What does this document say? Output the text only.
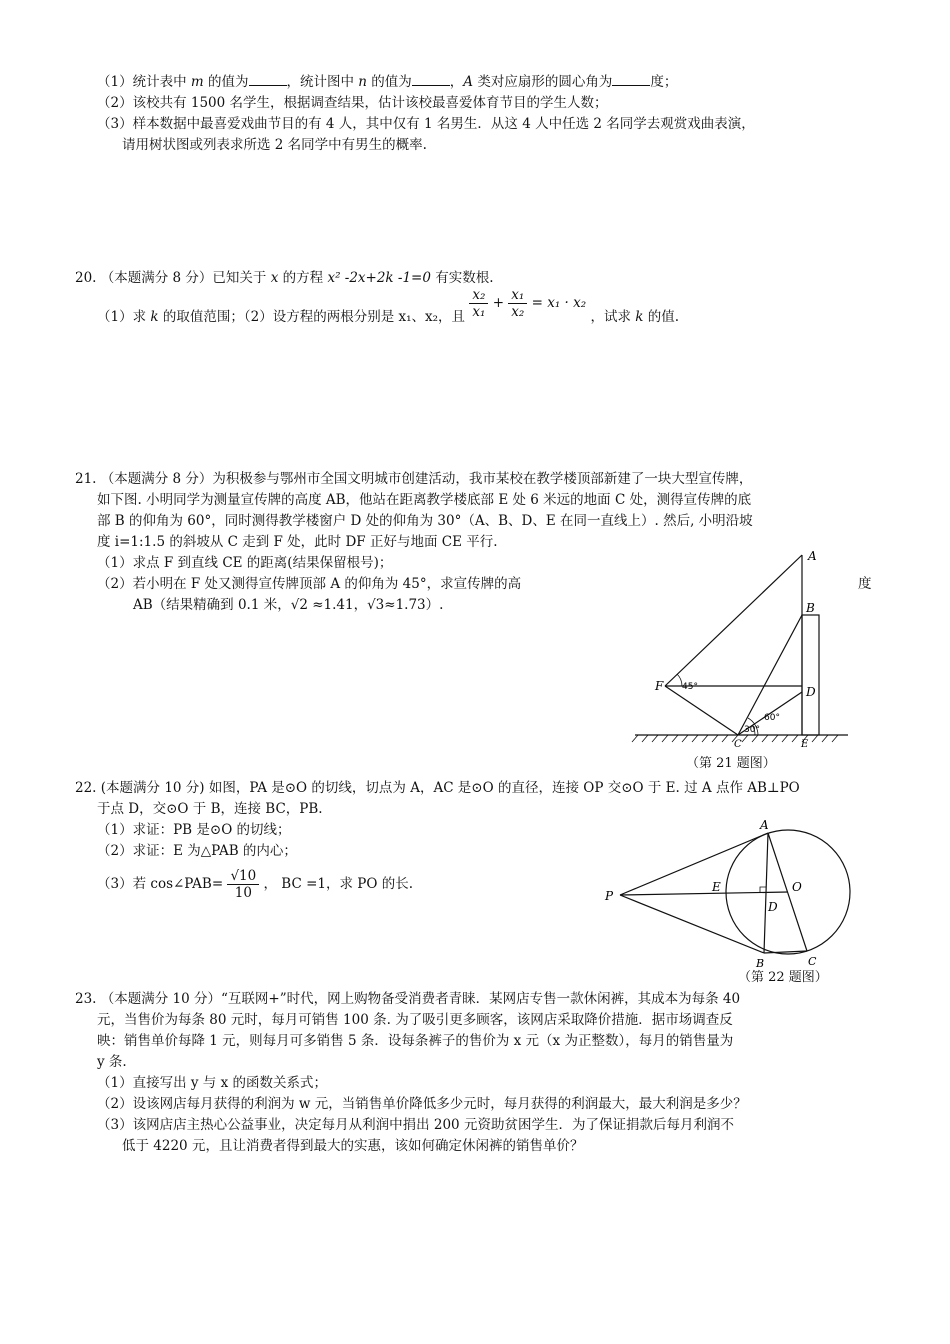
（1）统计表中 m 的值为	，统计图中 n 的值为	，A 类对应扇形的圆心角为	度；
（2）该校共有 1500 名学生，根据调查结果，估计该校最喜爱体育节目的学生人数；
（3）样本数据中最喜爱戏曲节目的有 4 人，其中仅有 1 名男生．从这 4 人中任选 2 名同学去观赏戏曲表演，
请用树状图或列表求所选 2 名同学中有男生的概率.
20. （本题满分 8 分）已知关于 x 的方程 x² -2x+2k -1=0 有实数根.
（1）求 k 的取值范围；（2）设方程的两根分别是 x₁、x₂，且 $\frac{\text{x₂}}{\text{x₁}} + \frac{\text{x₁}}{\text{x₂}} = x_1 \cdot x_2$ ，试求 k 的值.
21. （本题满分 8 分）为积极参与鄂州市全国文明城市创建活动，我市某校在教学楼顶部新建了一块大型宣传牌，
如下图. 小明同学为测量宣传牌的高度 AB，他站在距离教学楼底部 E 处 6 米远的地面 C 处，测得宣传牌的底
部 B 的仰角为 60°，同时测得教学楼窗户 D 处的仰角为 30°（A、B、D、E 在同一直线上）. 然后, 小明沿坡
度 i=1:1.5 的斜坡从 C 走到 F 处，此时 DF 正好与地面 CE 平行.
（1）求点 F 到直线 CE 的距离(结果保留根号)；
（2）若小明在 F 处又测得宣传牌顶部 A 的仰角为 45°，求宣传牌的高	度
AB（结果精确到 0.1 米，√2 ≈1.41，√3≈1.73）.
A
B
D
F
E
C
45°
60°
30°
（第 21 题图）
22. (本题满分 10 分) 如图，PA 是⊙O 的切线，切点为 A，AC 是⊙O 的直径，连接 OP 交⊙O 于 E. 过 A 点作 AB⊥PO
于点 D，交⊙O 于 B，连接 BC，PB.
（1）求证：PB 是⊙O 的切线；
（2）求证：E 为△PAB 的内心；
（3）若 cos∠PAB= $\frac{√10}{10}$ ， BC =1，求 PO 的长.
A
P
E	O
D
B	C
（第 22 题图）
23. （本题满分 10 分）“互联网+”时代，网上购物备受消费者青睐．某网店专售一款休闲裤，其成本为每条 40
元，当售价为每条 80 元时，每月可销售 100 条. 为了吸引更多顾客，该网店采取降价措施．据市场调查反
映：销售单价每降 1 元，则每月可多销售 5 条．设每条裤子的售价为 x 元（x 为正整数），每月的销售量为
y 条.
（1）直接写出 y 与 x 的函数关系式；
（2）设该网店每月获得的利润为 w 元，当销售单价降低多少元时，每月获得的利润最大，最大利润是多少？
（3）该网店店主热心公益事业，决定每月从利润中捐出 200 元资助贫困学生．为了保证捐款后每月利润不
低于 4220 元，且让消费者得到最大的实惠，该如何确定休闲裤的销售单价？
